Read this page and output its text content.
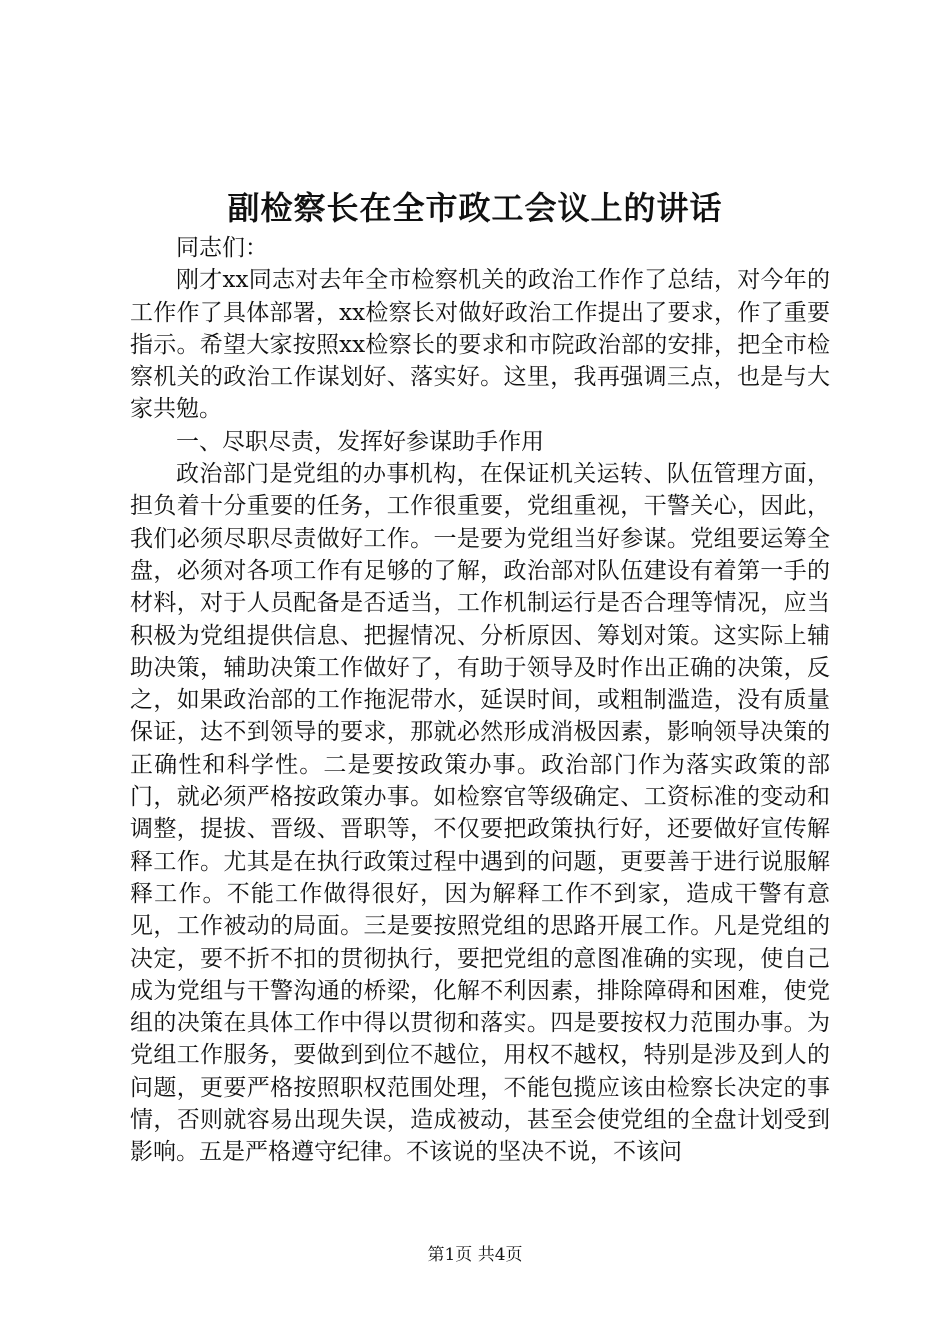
副检察长在全市政工会议上的讲话

同志们：

刚才xx同志对去年全市检察机关的政治工作作了总结，对今年的工作作了具体部署，xx检察长对做好政治工作提出了要求，作了重要指示。希望大家按照xx检察长的要求和市院政治部的安排，把全市检察机关的政治工作谋划好、落实好。这里，我再强调三点，也是与大家共勉。

一、尽职尽责，发挥好参谋助手作用

政治部门是党组的办事机构，在保证机关运转、队伍管理方面，担负着十分重要的任务，工作很重要，党组重视，干警关心，因此，我们必须尽职尽责做好工作。一是要为党组当好参谋。党组要运筹全盘，必须对各项工作有足够的了解，政治部对队伍建设有着第一手的材料，对于人员配备是否适当，工作机制运行是否合理等情况，应当积极为党组提供信息、把握情况、分析原因、筹划对策。这实际上辅助决策，辅助决策工作做好了，有助于领导及时作出正确的决策，反之，如果政治部的工作拖泥带水，延误时间，或粗制滥造，没有质量保证，达不到领导的要求，那就必然形成消极因素，影响领导决策的正确性和科学性。二是要按政策办事。政治部门作为落实政策的部门，就必须严格按政策办事。如检察官等级确定、工资标准的变动和调整，提拔、晋级、晋职等，不仅要把政策执行好，还要做好宣传解释工作。尤其是在执行政策过程中遇到的问题，更要善于进行说服解释工作。不能工作做得很好，因为解释工作不到家，造成干警有意见，工作被动的局面。三是要按照党组的思路开展工作。凡是党组的决定，要不折不扣的贯彻执行，要把党组的意图准确的实现，使自己成为党组与干警沟通的桥梁，化解不利因素，排除障碍和困难，使党组的决策在具体工作中得以贯彻和落实。四是要按权力范围办事。为党组工作服务，要做到到位不越位，用权不越权，特别是涉及到人的问题，更要严格按照职权范围处理，不能包揽应该由检察长决定的事情，否则就容易出现失误，造成被动，甚至会使党组的全盘计划受到影响。五是严格遵守纪律。不该说的坚决不说，不该问

第1页 共4页
